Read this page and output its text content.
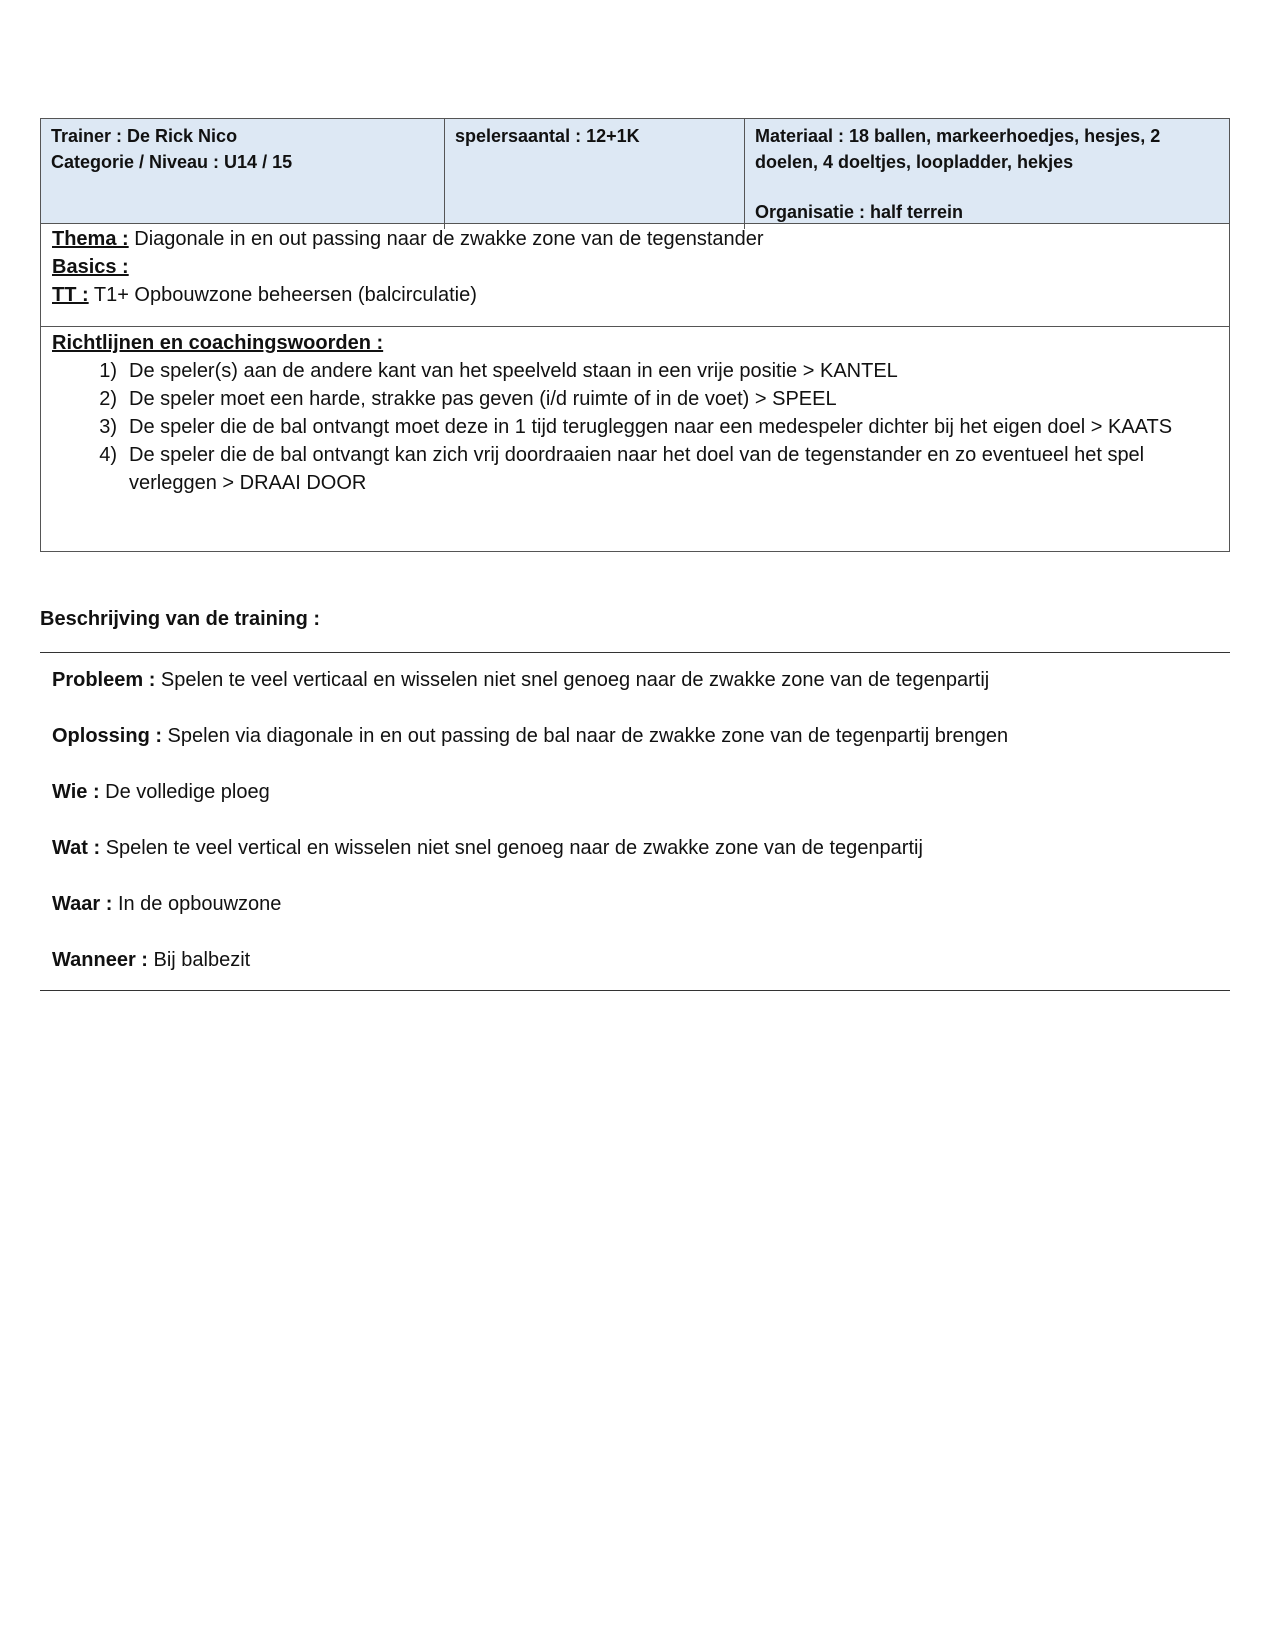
Trainer : De Rick Nico
Categorie / Niveau : U14 / 15
spelersaantal : 12+1K	Materiaal : 18 ballen, markeerhoedjes, hesjes, 2 doelen, 4 doeltjes, loopladder, hekjes
Organisatie : half terrein
Thema : Diagonale in en out passing naar de zwakke zone van de tegenstander
Basics :
TT : T1+ Opbouwzone beheersen (balcirculatie)
Richtlijnen en coachingswoorden :
1) De speler(s) aan de andere kant van het speelveld staan in een vrije positie > KANTEL
2) De speler moet een harde, strakke pas geven (i/d ruimte of in de voet) > SPEEL
3) De speler die de bal ontvangt moet deze in 1 tijd terugleggen naar een medespeler dichter bij het eigen doel > KAATS
4) De speler die de bal ontvangt kan zich vrij doordraaien naar het doel van de tegenstander en zo eventueel het spel verleggen > DRAAI DOOR
Beschrijving van de training :
Probleem : Spelen te veel verticaal en wisselen niet snel genoeg naar de zwakke zone van de tegenpartij
Oplossing : Spelen via diagonale in en out passing de bal naar de zwakke zone van de tegenpartij brengen
Wie : De volledige ploeg
Wat : Spelen te veel vertical en wisselen niet snel genoeg naar de zwakke zone van de tegenpartij
Waar : In de opbouwzone
Wanneer : Bij balbezit
